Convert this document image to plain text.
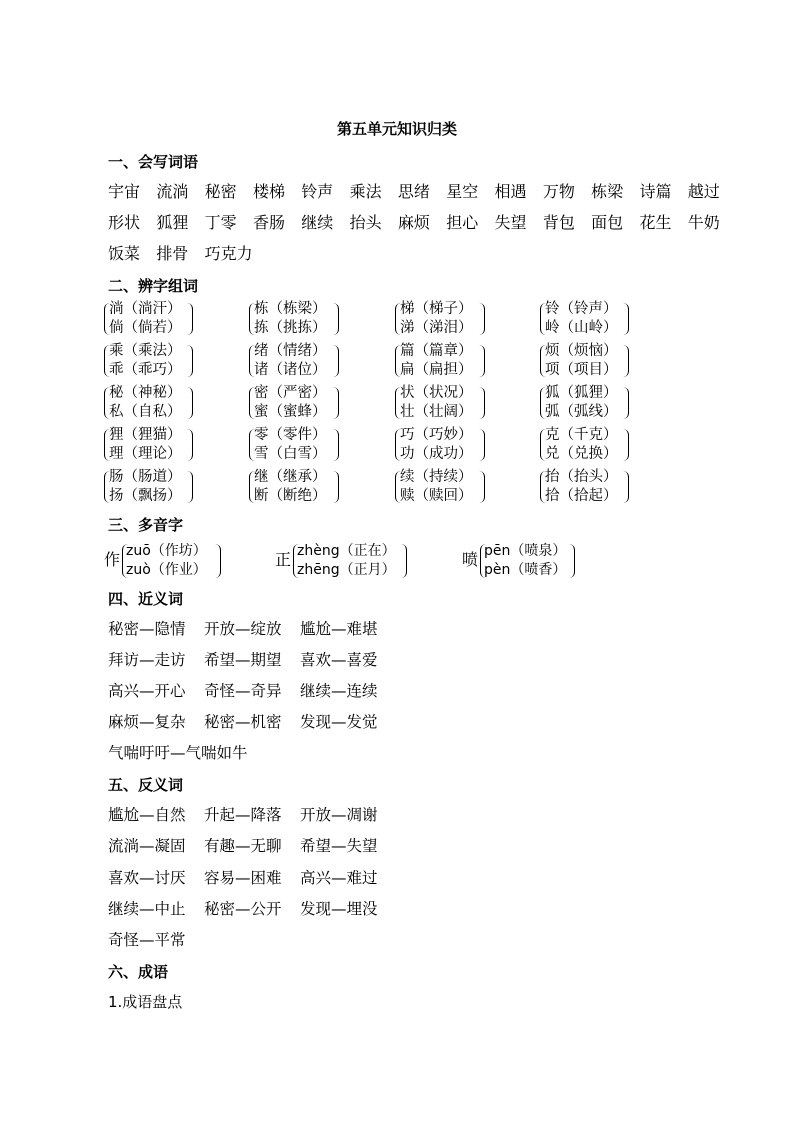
第五单元知识归类
一、会写词语
宇宙 流淌 秘密 楼梯 铃声 乘法 思绪 星空 相遇 万物 栋梁 诗篇 越过
形状 狐狸 丁零 香肠 继续 抬头 麻烦 担心 失望 背包 面包 花生 牛奶
饭菜 排骨 巧克力
二、辨字组词
淌（淌汗）
倘（倘若）
栋（栋梁）
拣（挑拣）
梯（梯子）
涕（涕泪）
铃（铃声）
岭（山岭）
乘（乘法）
乖（乖巧）
绪（情绪）
诸（诸位）
篇（篇章）
扁（扁担）
烦（烦恼）
项（项目）
秘（神秘）
私（自私）
密（严密）
蜜（蜜蜂）
状（状况）
壮（壮阔）
狐（狐狸）
弧（弧线）
狸（狸猫）
理（理论）
零（零件）
雪（白雪）
巧（巧妙）
功（成功）
克（千克）
兑（兑换）
肠（肠道）
扬（飘扬）
继（继承）
断（断绝）
续（持续）
赎（赎回）
抬（抬头）
拾（拾起）
三、多音字
作 zuō（作坊）
zuò（作业）
正 zhèng（正在）
zhēng（正月）
喷 pēn（喷泉）
pèn（喷香）
四、近义词
秘密—隐情 开放—绽放 尴尬—难堪
拜访—走访 希望—期望 喜欢—喜爱
高兴—开心 奇怪—奇异 继续—连续
麻烦—复杂 秘密—机密 发现—发觉
气喘吁吁—气喘如牛
五、反义词
尴尬—自然 升起—降落 开放—凋谢
流淌—凝固 有趣—无聊 希望—失望
喜欢—讨厌 容易—困难 高兴—难过
继续—中止 秘密—公开 发现—埋没
奇怪—平常
六、成语
1.成语盘点
